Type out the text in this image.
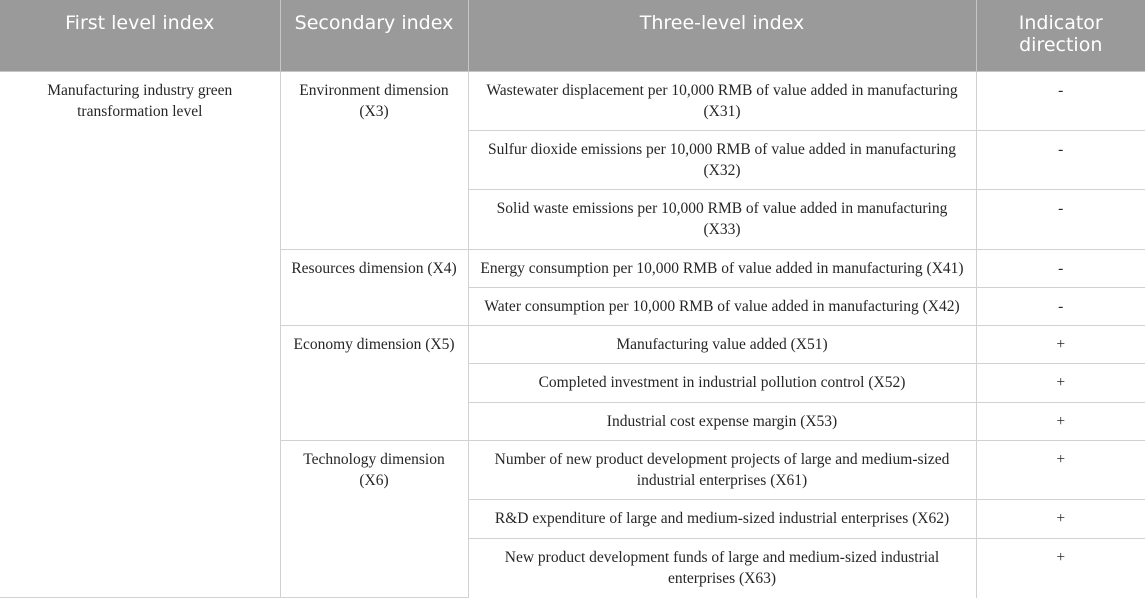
First level index	Secondary index	Three-level index	Indicator direction
Manufacturing industry green transformation level	Environment dimension (X3)	Wastewater displacement per 10,000 RMB of value added in manufacturing (X31)	-
		Sulfur dioxide emissions per 10,000 RMB of value added in manufacturing (X32)	-
		Solid waste emissions per 10,000 RMB of value added in manufacturing (X33)	-
	Resources dimension (X4)	Energy consumption per 10,000 RMB of value added in manufacturing (X41)	-
		Water consumption per 10,000 RMB of value added in manufacturing (X42)	-
	Economy dimension (X5)	Manufacturing value added (X51)	+
		Completed investment in industrial pollution control (X52)	+
		Industrial cost expense margin (X53)	+
	Technology dimension (X6)	Number of new product development projects of large and medium-sized industrial enterprises (X61)	+
		R&D expenditure of large and medium-sized industrial enterprises (X62)	+
		New product development funds of large and medium-sized industrial enterprises (X63)	+
